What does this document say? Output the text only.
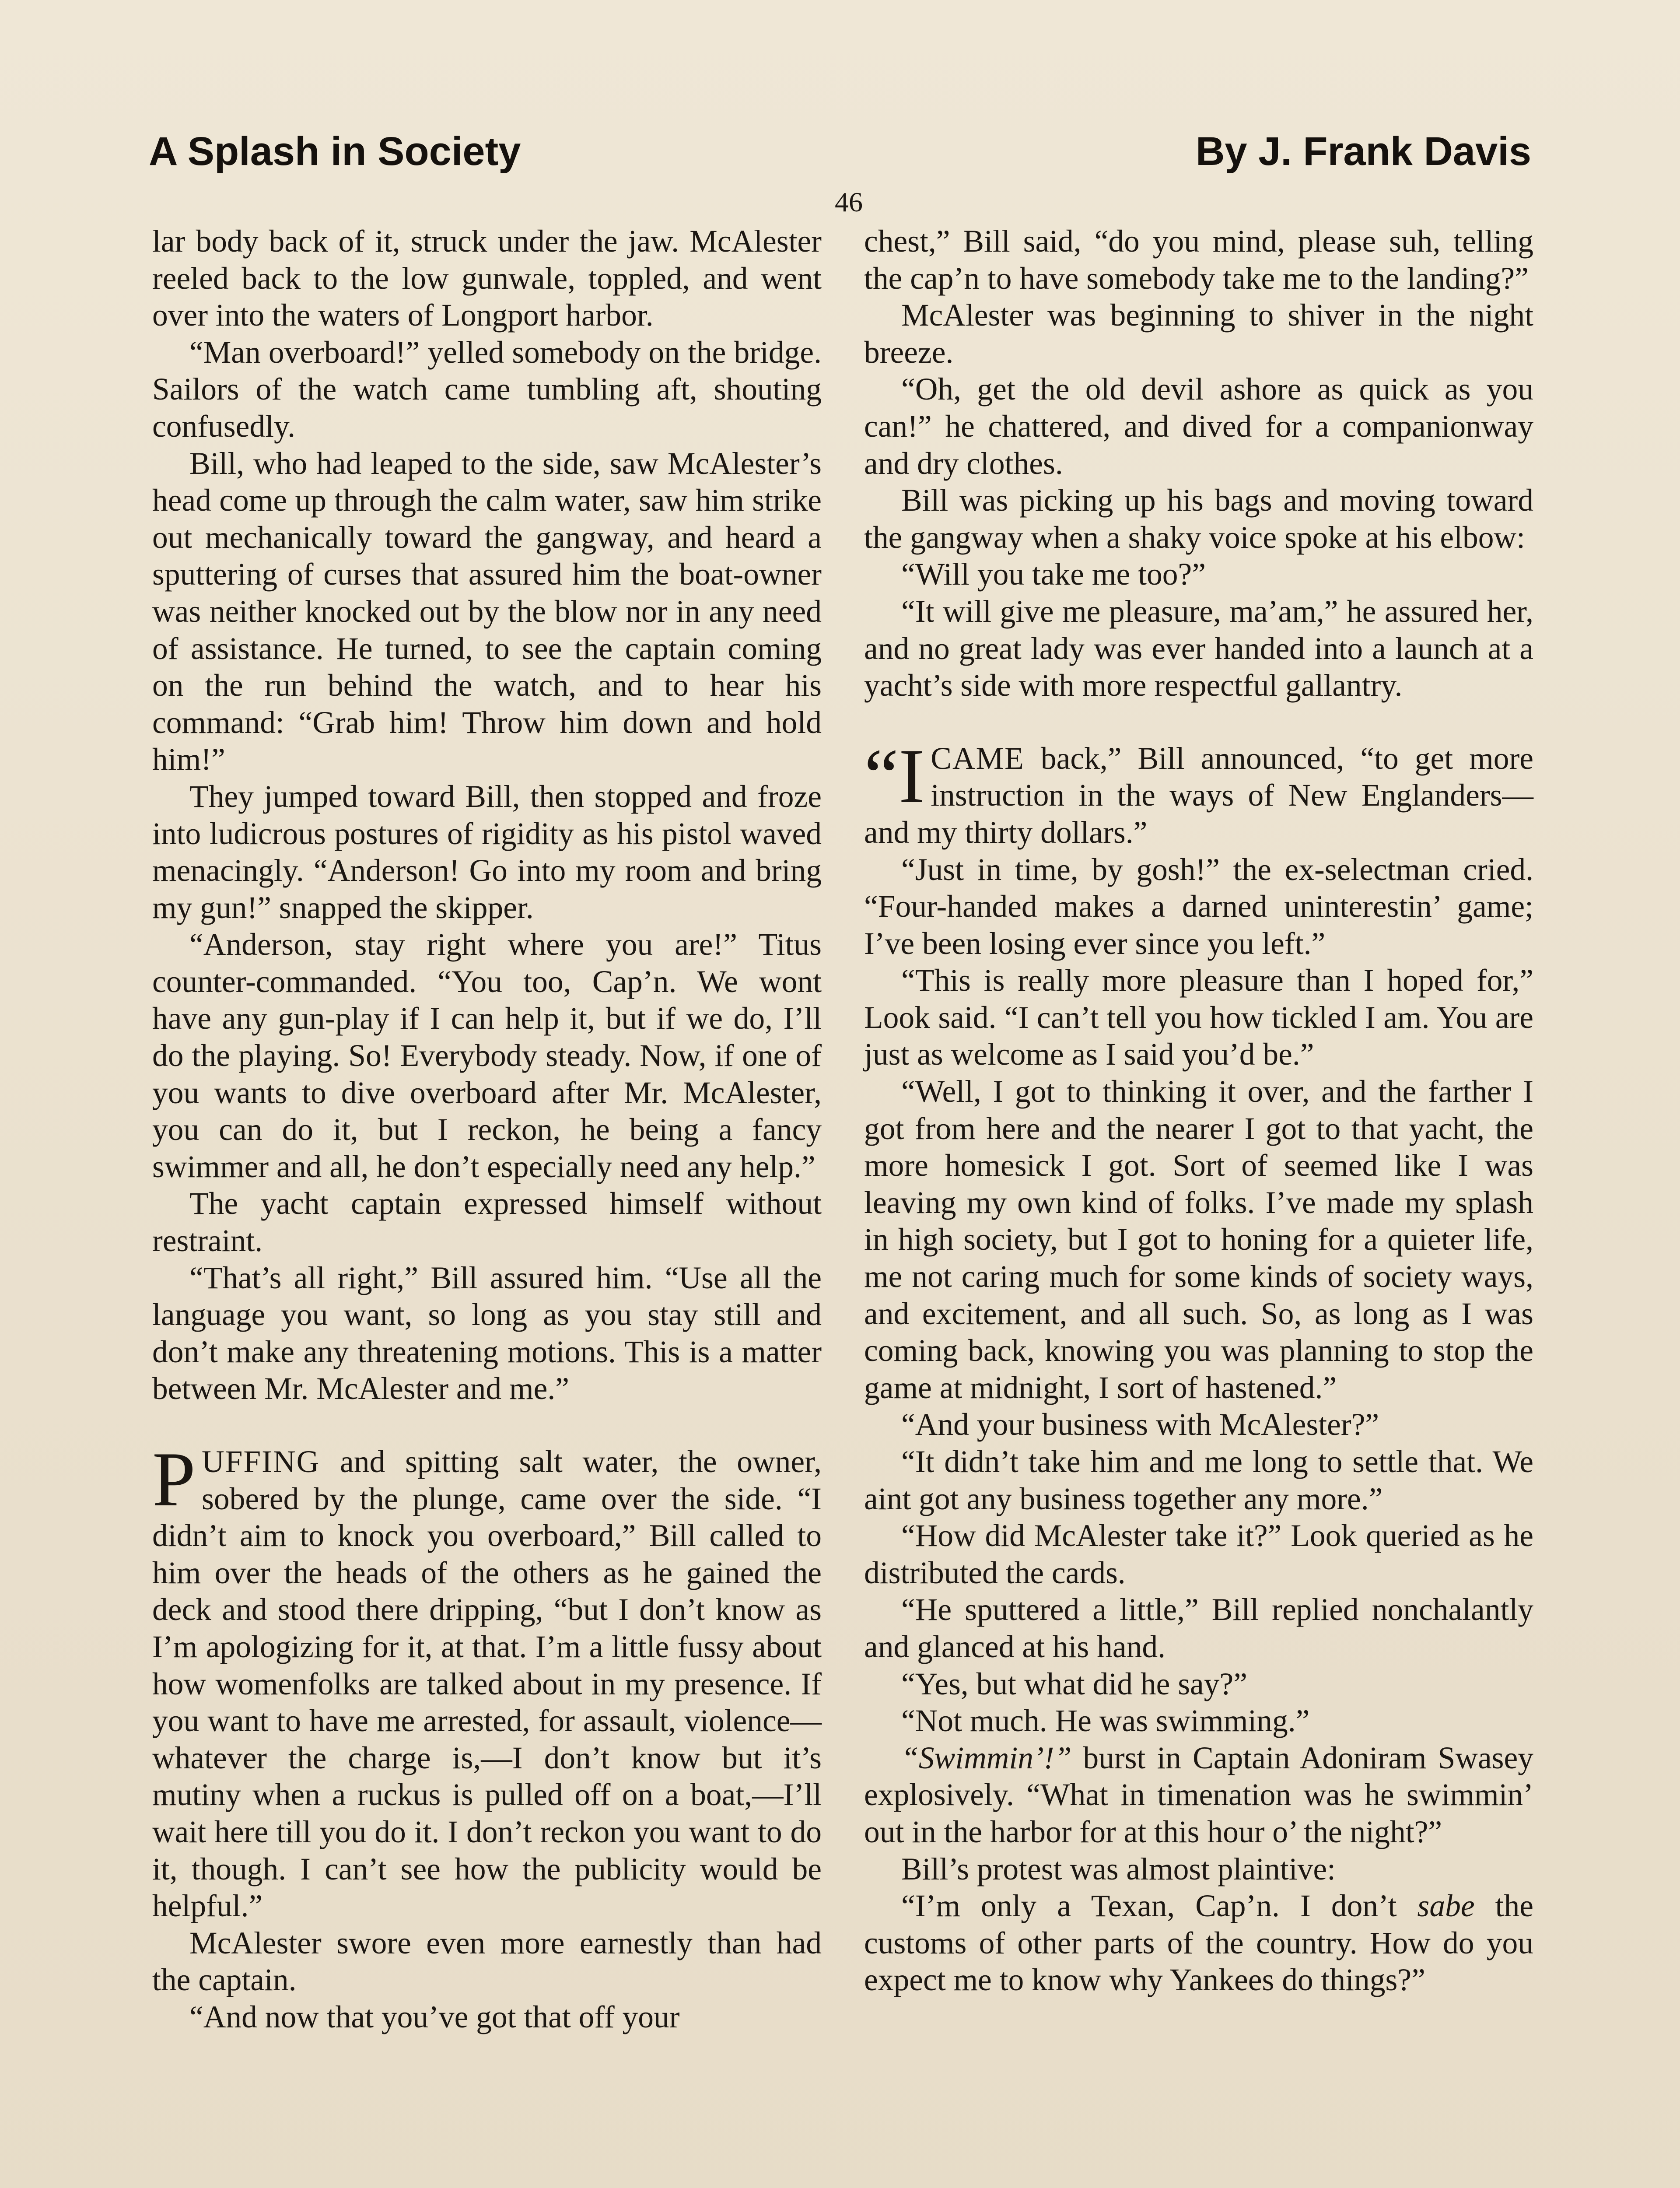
A Splash in Society	By J. Frank Davis
46

lar body back of it, struck under the jaw. McAlester reeled back to the low gunwale, toppled, and went over into the waters of Longport harbor.

“Man overboard!” yelled somebody on the bridge. Sailors of the watch came tumbling aft, shouting confusedly.

Bill, who had leaped to the side, saw McAlester’s head come up through the calm water, saw him strike out mechanically toward the gangway, and heard a sputtering of curses that assured him the boat-owner was neither knocked out by the blow nor in any need of assistance. He turned, to see the captain coming on the run behind the watch, and to hear his command: “Grab him! Throw him down and hold him!”

They jumped toward Bill, then stopped and froze into ludicrous postures of rigidity as his pistol waved menacingly. “Anderson! Go into my room and bring my gun!” snapped the skipper.

“Anderson, stay right where you are!” Titus counter-commanded. “You too, Cap’n. We wont have any gun-play if I can help it, but if we do, I’ll do the playing. So! Everybody steady. Now, if one of you wants to dive overboard after Mr. McAlester, you can do it, but I reckon, he being a fancy swimmer and all, he don’t especially need any help.”

The yacht captain expressed himself without restraint.

“That’s all right,” Bill assured him. “Use all the language you want, so long as you stay still and don’t make any threatening motions. This is a matter between Mr. McAlester and me.”

PUFFING and spitting salt water, the owner, sobered by the plunge, came over the side. “I didn’t aim to knock you overboard,” Bill called to him over the heads of the others as he gained the deck and stood there dripping, “but I don’t know as I’m apologizing for it, at that. I’m a little fussy about how womenfolks are talked about in my presence. If you want to have me arrested, for assault, violence—whatever the charge is,—I don’t know but it’s mutiny when a ruckus is pulled off on a boat,—I’ll wait here till you do it. I don’t reckon you want to do it, though. I can’t see how the publicity would be helpful.”

McAlester swore even more earnestly than had the captain.

“And now that you’ve got that off your

chest,” Bill said, “do you mind, please suh, telling the cap’n to have somebody take me to the landing?”

McAlester was beginning to shiver in the night breeze.

“Oh, get the old devil ashore as quick as you can!” he chattered, and dived for a companionway and dry clothes.

Bill was picking up his bags and moving toward the gangway when a shaky voice spoke at his elbow:

“Will you take me too?”

“It will give me pleasure, ma’am,” he assured her, and no great lady was ever handed into a launch at a yacht’s side with more respectful gallantry.

“I CAME back,” Bill announced, “to get more instruction in the ways of New Englanders—and my thirty dollars.”

“Just in time, by gosh!” the ex-selectman cried. “Four-handed makes a darned uninterestin’ game; I’ve been losing ever since you left.”

“This is really more pleasure than I hoped for,” Look said. “I can’t tell you how tickled I am. You are just as welcome as I said you’d be.”

“Well, I got to thinking it over, and the farther I got from here and the nearer I got to that yacht, the more homesick I got. Sort of seemed like I was leaving my own kind of folks. I’ve made my splash in high society, but I got to honing for a quieter life, me not caring much for some kinds of society ways, and excitement, and all such. So, as long as I was coming back, knowing you was planning to stop the game at midnight, I sort of hastened.”

“And your business with McAlester?”

“It didn’t take him and me long to settle that. We aint got any business together any more.”

“How did McAlester take it?” Look queried as he distributed the cards.

“He sputtered a little,” Bill replied nonchalantly and glanced at his hand.

“Yes, but what did he say?”

“Not much. He was swimming.”

“Swimmin’!” burst in Captain Adoniram Swasey explosively. “What in timenation was he swimmin’ out in the harbor for at this hour o’ the night?”

Bill’s protest was almost plaintive:

“I’m only a Texan, Cap’n. I don’t sabe the customs of other parts of the country. How do you expect me to know why Yankees do things?”
